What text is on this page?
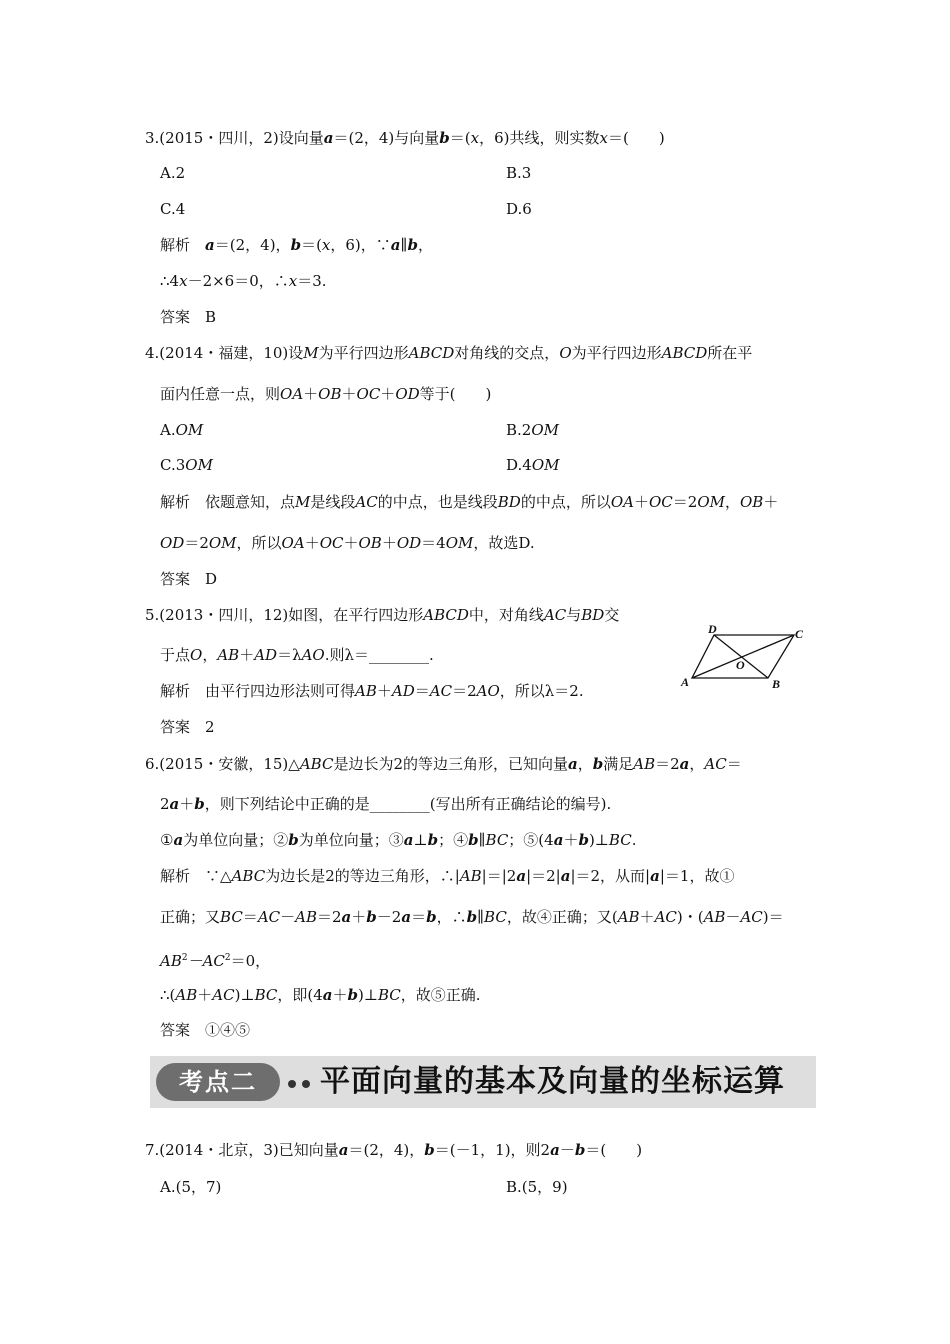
3.(2015・四川，2)设向量a＝(2，4)与向量b＝(x，6)共线，则实数x＝(　　)
A.2	B.3
C.4	D.6
解析　 a＝(2，4)，b＝(x，6)，∵a∥b，
∴4x－2×6＝0，∴x＝3.
答案　 B
4.(2014・福建，10)设M为平行四边形ABCD对角线的交点，O为平行四边形ABCD所在平
面内任意一点，则OA＋OB＋OC＋OD等于(　　)
A.OM	B.2OM
C.3OM	D.4OM
解析　 依题意知，点M是线段AC的中点，也是线段BD的中点，所以OA＋OC＝2OM，OB＋
OD＝2OM，所以OA＋OC＋OB＋OD＝4OM，故选D.
答案　 D
5.(2013・四川，12)如图，在平行四边形ABCD中，对角线AC与BD交
于点O，AB＋AD＝λAO.则λ＝________.
解析　 由平行四边形法则可得AB＋AD＝AC＝2AO，所以λ＝2.
答案　 2
A	B
C
D
O
6.(2015・安徽，15)△ABC是边长为2的等边三角形，已知向量a，b满足AB＝2a，AC＝
2a＋b，则下列结论中正确的是________(写出所有正确结论的编号).
①a为单位向量；②b为单位向量；③a⊥b；④b∥BC；⑤(4a＋b)⊥BC.
解析　 ∵△ABC为边长是2的等边三角形，∴|AB|＝|2a|＝2|a|＝2，从而|a|＝1，故①
正确；又BC＝AC－AB＝2a＋b－2a＝b，∴b∥BC，故④正确；又(AB＋AC)・(AB－AC)＝
$AB^2-AC^2=0$，
∴(AB＋AC)⊥BC，即(4a＋b)⊥BC，故⑤正确.
答案　 ①④⑤
考点二	平面向量的基本及向量的坐标运算
7.(2014・北京，3)已知向量a＝(2，4)，b＝(－1，1)，则2a－b＝(　　)
A.(5，7)	B.(5，9)
